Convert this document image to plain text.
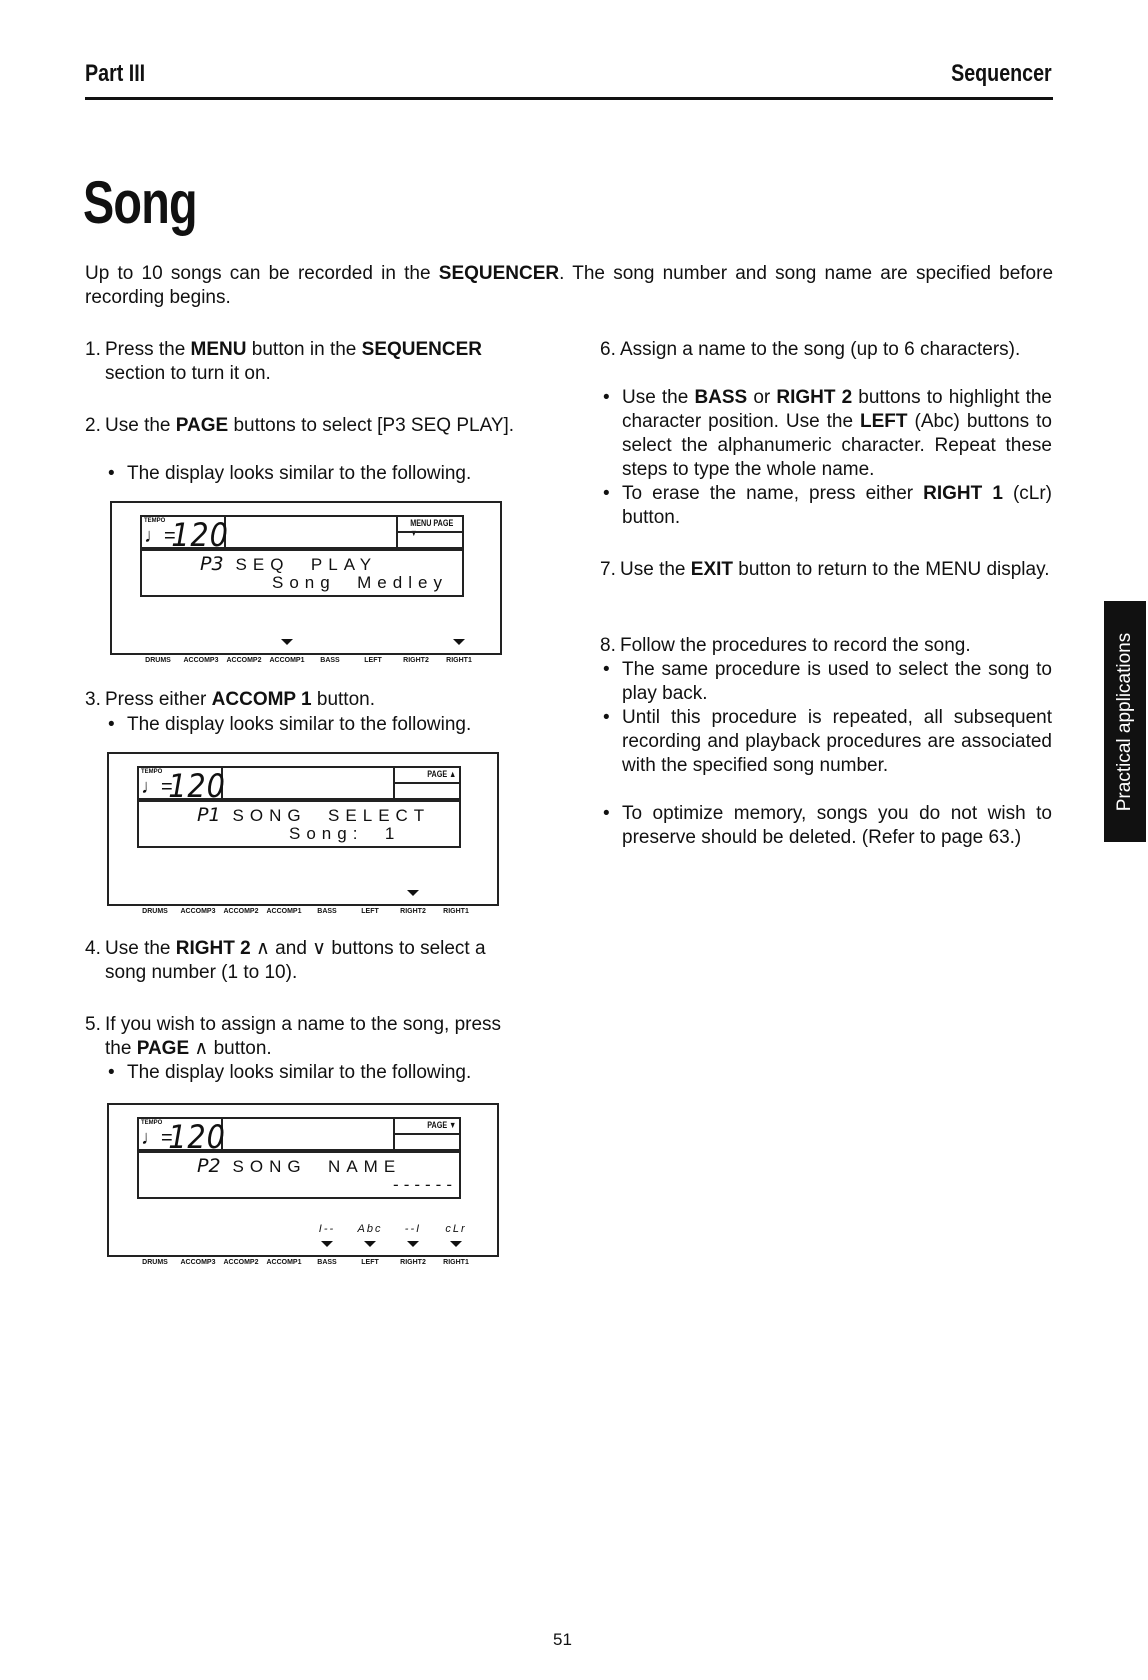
Part III	Sequencer
Song
Up to 10 songs can be recorded in the SEQUENCER. The song number and song name are specified before recording begins.
1. Press the MENU button in the SEQUENCER section to turn it on.
2. Use the PAGE buttons to select [P3 SEQ PLAY].
• The display looks similar to the following.
TEMPO
♩=
120	MENU PAGE ▼
P3 SEQ  PLAY
Song  Medley
DRUMS ACCOMP3 ACCOMP2 ACCOMP1 BASS	LEFT	RIGHT2 RIGHT1
3. Press either ACCOMP 1 button.
• The display looks similar to the following.
TEMPO
♩=
120	PAGE ▲
P1 SONG  SELECT
Song:  1
DRUMS ACCOMP3 ACCOMP2 ACCOMP1 BASS	LEFT	RIGHT2 RIGHT1
4. Use the RIGHT 2 ∧ and ∨ buttons to select a song number (1 to 10).
5. If you wish to assign a name to the song, press the PAGE ∧ button.
• The display looks similar to the following.
TEMPO
♩=
120	PAGE ▼
P2 SONG  NAME
------
I-- Abc --I cLr
DRUMS ACCOMP3 ACCOMP2 ACCOMP1 BASS	LEFT	RIGHT2 RIGHT1
6. Assign a name to the song (up to 6 characters).
• Use the BASS or RIGHT 2 buttons to highlight the character position. Use the LEFT (Abc) buttons to select the alphanumeric character. Repeat these steps to type the whole name.
• To erase the name, press either RIGHT 1 (cLr) button.
7. Use the EXIT button to return to the MENU display.
8. Follow the procedures to record the song.
• The same procedure is used to select the song to play back.
• Until this procedure is repeated, all subsequent recording and playback procedures are associated with the specified song number.
• To optimize memory, songs you do not wish to preserve should be deleted. (Refer to page 63.)
Practical applications
51
